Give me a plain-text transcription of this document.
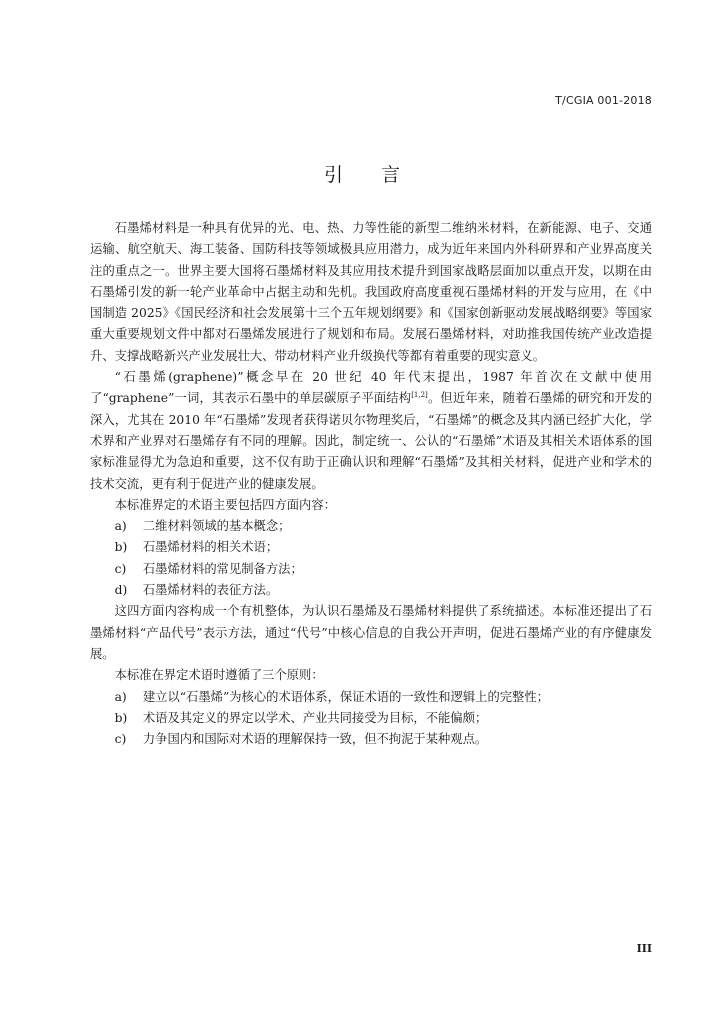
T/CGIA 001-2018
引 言

石墨烯材料是一种具有优异的光、电、热、力等性能的新型二维纳米材料，在新能源、电子、交通运输、航空航天、海工装备、国防科技等领域极具应用潜力，成为近年来国内外科研界和产业界高度关注的重点之一。世界主要大国将石墨烯材料及其应用技术提升到国家战略层面加以重点开发，以期在由石墨烯引发的新一轮产业革命中占据主动和先机。我国政府高度重视石墨烯材料的开发与应用，在《中国制造 2025》《国民经济和社会发展第十三个五年规划纲要》和《国家创新驱动发展战略纲要》等国家重大重要规划文件中都对石墨烯发展进行了规划和布局。发展石墨烯材料，对助推我国传统产业改造提升、支撑战略新兴产业发展壮大、带动材料产业升级换代等都有着重要的现实意义。

“石墨烯(graphene)”概念早在 20 世纪 40 年代末提出，1987 年首次在文献中使用了“graphene”一词，其表示石墨中的单层碳原子平面结构[1,2]。但近年来，随着石墨烯的研究和开发的深入，尤其在 2010 年“石墨烯”发现者获得诺贝尔物理奖后，“石墨烯”的概念及其内涵已经扩大化，学术界和产业界对石墨烯存有不同的理解。因此，制定统一、公认的“石墨烯”术语及其相关术语体系的国家标准显得尤为急迫和重要，这不仅有助于正确认识和理解“石墨烯”及其相关材料，促进产业和学术的技术交流，更有利于促进产业的健康发展。

本标准界定的术语主要包括四方面内容：

a) 二维材料领域的基本概念；

b) 石墨烯材料的相关术语；

c) 石墨烯材料的常见制备方法；

d) 石墨烯材料的表征方法。

这四方面内容构成一个有机整体，为认识石墨烯及石墨烯材料提供了系统描述。本标准还提出了石墨烯材料“产品代号”表示方法，通过“代号”中核心信息的自我公开声明，促进石墨烯产业的有序健康发展。

本标准在界定术语时遵循了三个原则：

a) 建立以“石墨烯”为核心的术语体系，保证术语的一致性和逻辑上的完整性；

b) 术语及其定义的界定以学术、产业共同接受为目标，不能偏颇；

c) 力争国内和国际对术语的理解保持一致，但不拘泥于某种观点。

III
